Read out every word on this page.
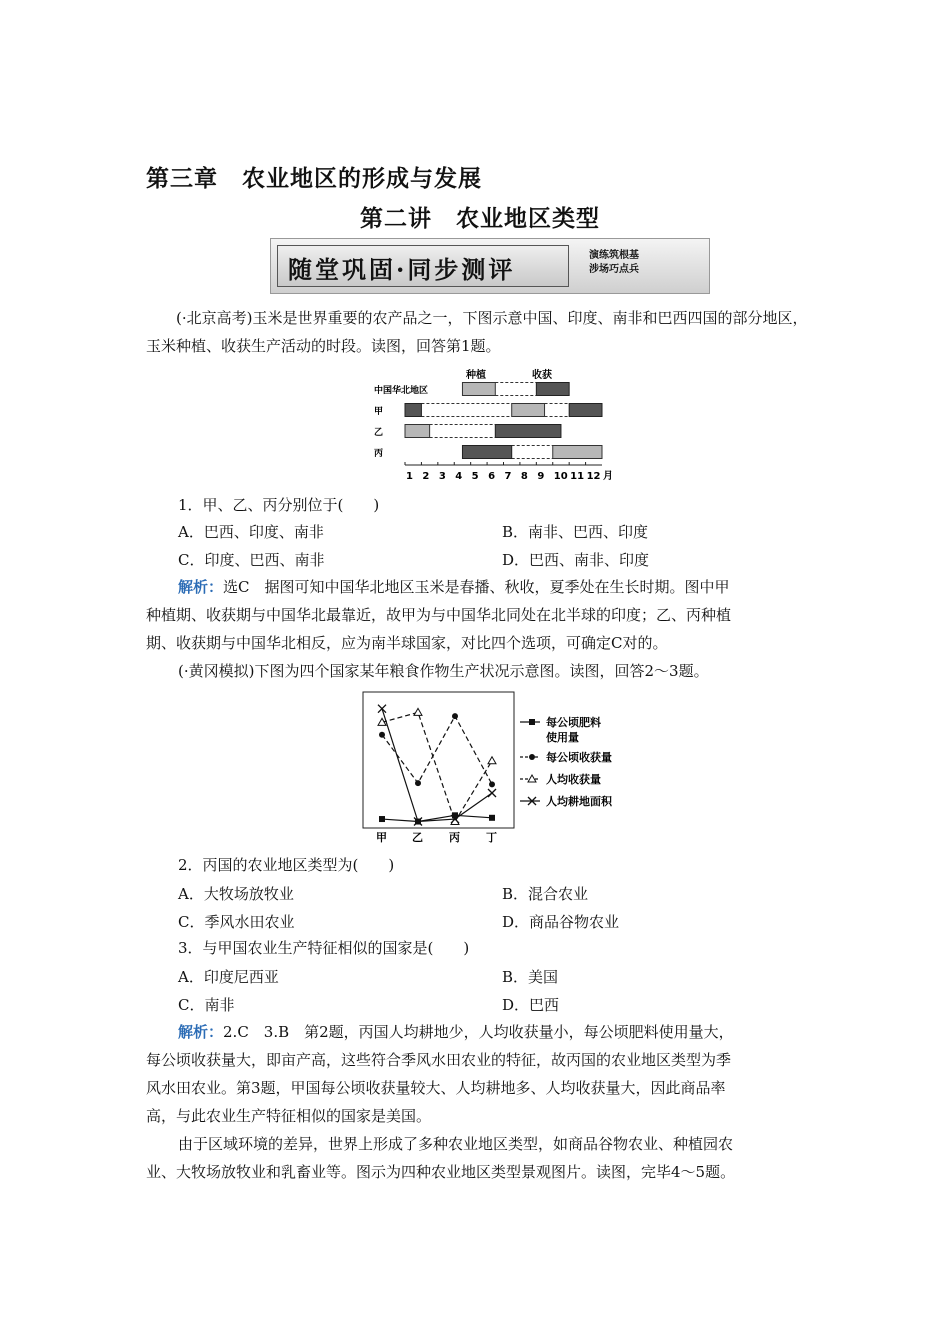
第三章　农业地区的形成与发展
第二讲　农业地区类型
随堂巩固·同步测评	演练筑根基
涉场巧点兵
(·北京高考)玉米是世界重要的农产品之一，下图示意中国、印度、南非和巴西四国的部分地区，玉米种植、收获生产活动的时段。读图，回答第1题。
种植	收获
中国华北地区
甲
乙
丙
1 2 3 4 5 6 7 8 9 10 11 12 月
1．甲、乙、丙分别位于(　　)
A．巴西、印度、南非	B．南非、巴西、印度
C．印度、巴西、南非	D．巴西、南非、印度
解析：选C　据图可知中国华北地区玉米是春播、秋收，夏季处在生长时期。图中甲
种植期、收获期与中国华北最靠近，故甲为与中国华北同处在北半球的印度；乙、丙种植
期、收获期与中国华北相反，应为南半球国家，对比四个选项，可确定C对的。
(·黄冈模拟)下图为四个国家某年粮食作物生产状况示意图。读图，回答2～3题。
甲 乙 丙 丁
每公顷肥料
使用量
每公顷收获量
人均收获量
人均耕地面积
2．丙国的农业地区类型为(　　)
A．大牧场放牧业	B．混合农业
C．季风水田农业	D．商品谷物农业
3．与甲国农业生产特征相似的国家是(　　)
A．印度尼西亚	B．美国
C．南非	D．巴西
解析：2.C　3.B　第2题，丙国人均耕地少，人均收获量小，每公顷肥料使用量大，
每公顷收获量大，即亩产高，这些符合季风水田农业的特征，故丙国的农业地区类型为季
风水田农业。第3题，甲国每公顷收获量较大、人均耕地多、人均收获量大，因此商品率
高，与此农业生产特征相似的国家是美国。
由于区域环境的差异，世界上形成了多种农业地区类型，如商品谷物农业、种植园农
业、大牧场放牧业和乳畜业等。图示为四种农业地区类型景观图片。读图，完毕4～5题。
